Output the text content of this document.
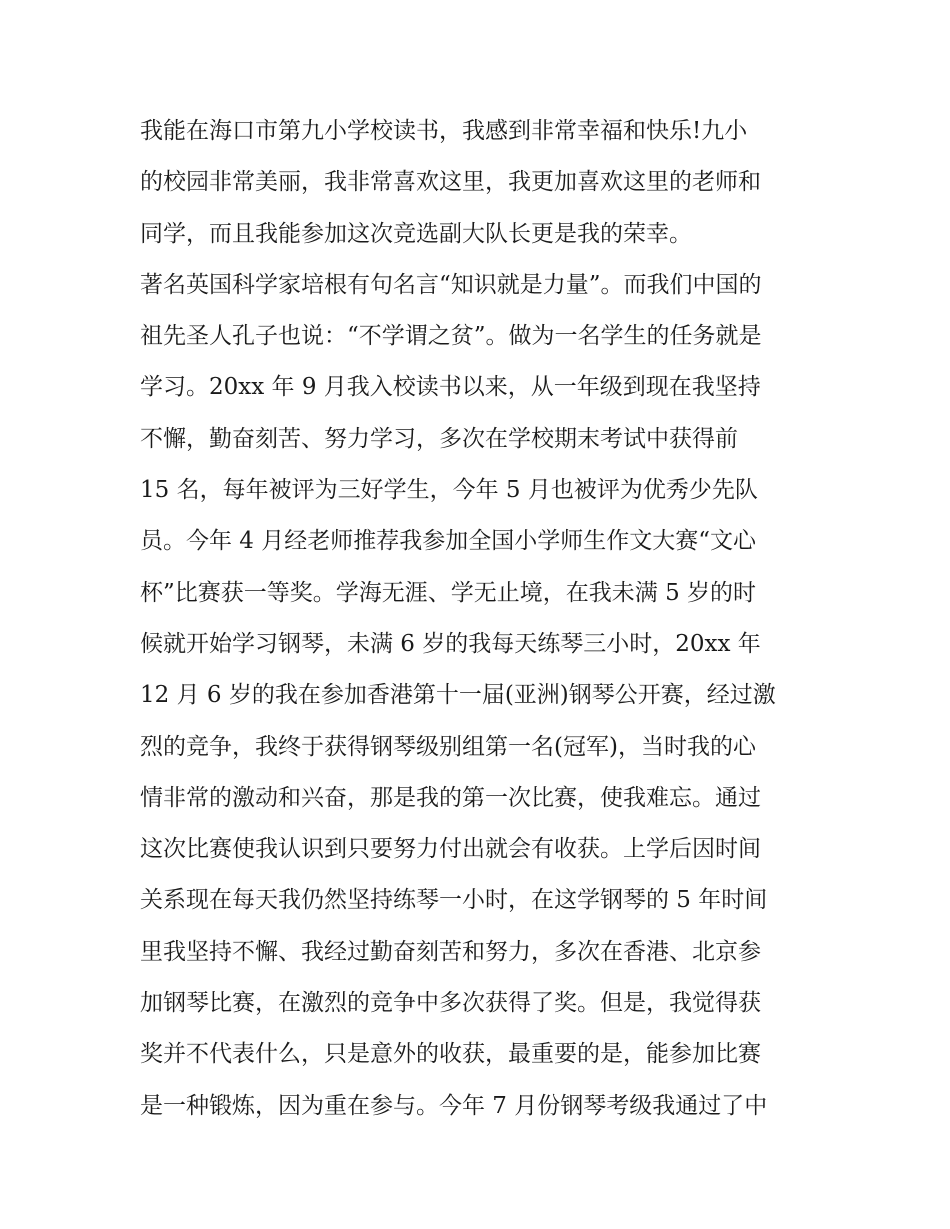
我能在海口市第九小学校读书，我感到非常幸福和快乐!九小
的校园非常美丽，我非常喜欢这里，我更加喜欢这里的老师和
同学，而且我能参加这次竞选副大队长更是我的荣幸。
著名英国科学家培根有句名言“知识就是力量”。而我们中国的
祖先圣人孔子也说：“不学谓之贫”。做为一名学生的任务就是
学习。20xx 年 9 月我入校读书以来，从一年级到现在我坚持
不懈，勤奋刻苦、努力学习，多次在学校期末考试中获得前
15 名，每年被评为三好学生，今年 5 月也被评为优秀少先队
员。今年 4 月经老师推荐我参加全国小学师生作文大赛“文心
杯”比赛获一等奖。学海无涯、学无止境，在我未满 5 岁的时
候就开始学习钢琴，未满 6 岁的我每天练琴三小时，20xx 年
12 月 6 岁的我在参加香港第十一届(亚洲)钢琴公开赛，经过激
烈的竞争，我终于获得钢琴级别组第一名(冠军)，当时我的心
情非常的激动和兴奋，那是我的第一次比赛，使我难忘。通过
这次比赛使我认识到只要努力付出就会有收获。上学后因时间
关系现在每天我仍然坚持练琴一小时，在这学钢琴的 5 年时间
里我坚持不懈、我经过勤奋刻苦和努力，多次在香港、北京参
加钢琴比赛，在激烈的竞争中多次获得了奖。但是，我觉得获
奖并不代表什么，只是意外的收获，最重要的是，能参加比赛
是一种锻炼，因为重在参与。今年 7 月份钢琴考级我通过了中
